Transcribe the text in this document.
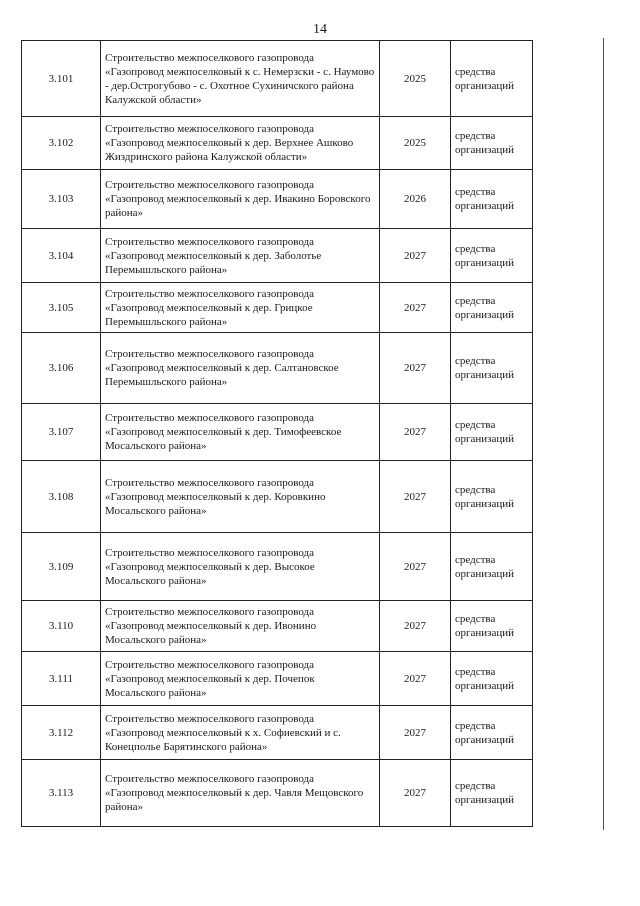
14
3.101	Строительство межпоселкового газопровода «Газопровод межпоселковый к с. Немерзски - с. Наумово - дер.Острогубово - с. Охотное Сухиничского района Калужской области»	2025	средства организаций
3.102	Строительство межпоселкового газопровода «Газопровод межпоселковый к дер. Верхнее Ашково Жиздринского района Калужской области»	2025	средства организаций
3.103	Строительство межпоселкового газопровода «Газопровод межпоселковый к дер. Ивакино Боровского района»	2026	средства организаций
3.104	Строительство межпоселкового газопровода «Газопровод межпоселковый к дер. Заболотье Перемышльского района»	2027	средства организаций
3.105	Строительство межпоселкового газопровода «Газопровод межпоселковый к дер. Грицкое Перемышльского района»	2027	средства организаций
3.106	Строительство межпоселкового газопровода «Газопровод межпоселковый к дер. Салтановское Перемышльского района»	2027	средства организаций
3.107	Строительство межпоселкового газопровода «Газопровод межпоселковый к дер. Тимофеевское Мосальского района»	2027	средства организаций
3.108	Строительство межпоселкового газопровода «Газопровод межпоселковый к дер. Коровкино Мосальского района»	2027	средства организаций
3.109	Строительство межпоселкового газопровода «Газопровод межпоселковый к дер. Высокое Мосальского района»	2027	средства организаций
3.110	Строительство межпоселкового газопровода «Газопровод межпоселковый к дер. Ивонино Мосальского района»	2027	средства организаций
3.111	Строительство межпоселкового газопровода «Газопровод межпоселковый к дер. Почепок Мосальского района»	2027	средства организаций
3.112	Строительство межпоселкового газопровода «Газопровод межпоселковый к х. Софиевский и с. Конецполье Барятинского района»	2027	средства организаций
3.113	Строительство межпоселкового газопровода «Газопровод межпоселковый к дер. Чавля Мещовского района»	2027	средства организаций
